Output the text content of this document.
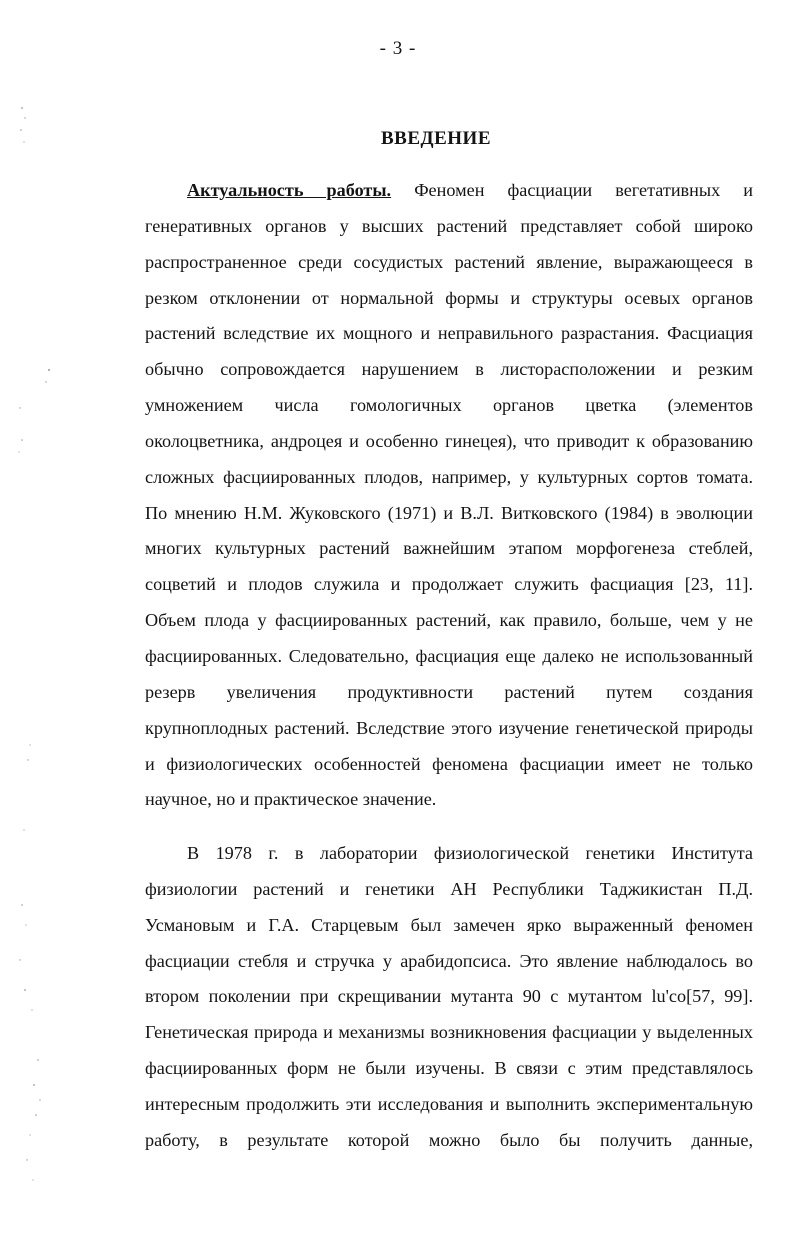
- 3 -
ВВЕДЕНИЕ
Актуальность работы. Феномен фасциации вегетативных и
генеративных органов у высших растений представляет собой широко
распространенное среди сосудистых растений явление, выражающееся в
резком отклонении от нормальной формы и структуры осевых органов
растений вследствие их мощного и неправильного разрастания. Фасциация
обычно сопровождается нарушением в листорасположении и резким
умножением числа гомологичных органов цветка (элементов
околоцветника, андроцея и особенно гинецея), что приводит к образованию
сложных фасциированных плодов, например, у культурных сортов томата.
По мнению Н.М. Жуковского (1971) и В.Л. Витковского (1984) в эволюции
многих культурных растений важнейшим этапом морфогенеза стеблей,
соцветий и плодов служила и продолжает служить фасциация [23, 11].
Объем плода у фасциированных растений, как правило, больше, чем у не
фасциированных. Следовательно, фасциация еще далеко не использованный
резерв увеличения продуктивности растений путем создания
крупноплодных растений. Вследствие этого изучение генетической природы
и физиологических особенностей феномена фасциации имеет не только
научное, но и практическое значение.
В 1978 г. в лаборатории физиологической генетики Института
физиологии растений и генетики АН Республики Таджикистан П.Д.
Усмановым и Г.А. Старцевым был замечен ярко выраженный феномен
фасциации стебля и стручка у арабидопсиса. Это явление наблюдалось во
втором поколении при скрещивании мутанта 90 с мутантом lu'co[57, 99].
Генетическая природа и механизмы возникновения фасциации у выделенных
фасциированных форм не были изучены. В связи с этим представлялось
интересным продолжить эти исследования и выполнить экспериментальную
работу, в результате которой можно было бы получить данные,
